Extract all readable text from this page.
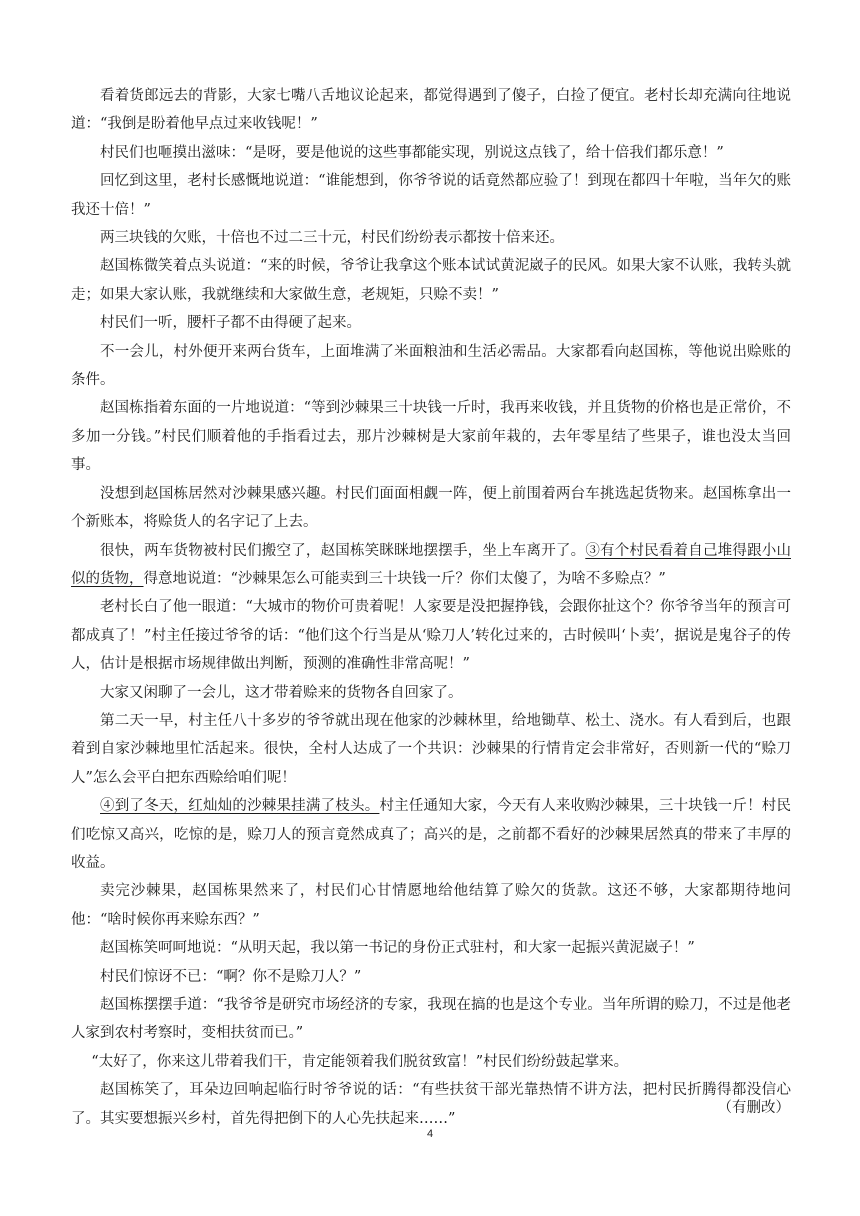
看着货郎远去的背影，大家七嘴八舌地议论起来，都觉得遇到了傻子，白捡了便宜。老村长却充满向往地说道：“我倒是盼着他早点过来收钱呢！”

村民们也咂摸出滋味：“是呀，要是他说的这些事都能实现，别说这点钱了，给十倍我们都乐意！”

回忆到这里，老村长感慨地说道：“谁能想到，你爷爷说的话竟然都应验了！到现在都四十年啦，当年欠的账我还十倍！”

两三块钱的欠账，十倍也不过二三十元，村民们纷纷表示都按十倍来还。

赵国栋微笑着点头说道：“来的时候，爷爷让我拿这个账本试试黄泥崴子的民风。如果大家不认账，我转头就走；如果大家认账，我就继续和大家做生意，老规矩，只赊不卖！”

村民们一听，腰杆子都不由得硬了起来。

不一会儿，村外便开来两台货车，上面堆满了米面粮油和生活必需品。大家都看向赵国栋，等他说出赊账的条件。

赵国栋指着东面的一片地说道：“等到沙棘果三十块钱一斤时，我再来收钱，并且货物的价格也是正常价，不多加一分钱。”村民们顺着他的手指看过去，那片沙棘树是大家前年栽的，去年零星结了些果子，谁也没太当回事。

没想到赵国栋居然对沙棘果感兴趣。村民们面面相觑一阵，便上前围着两台车挑选起货物来。赵国栋拿出一个新账本，将赊货人的名字记了上去。

很快，两车货物被村民们搬空了，赵国栋笑眯眯地摆摆手，坐上车离开了。③有个村民看着自己堆得跟小山似的货物，得意地说道：“沙棘果怎么可能卖到三十块钱一斤？你们太傻了，为啥不多赊点？”

老村长白了他一眼道：“大城市的物价可贵着呢！人家要是没把握挣钱，会跟你扯这个？你爷爷当年的预言可都成真了！”村主任接过爷爷的话：“他们这个行当是从‘赊刀人’转化过来的，古时候叫‘卜卖’，据说是鬼谷子的传人，估计是根据市场规律做出判断，预测的准确性非常高呢！”

大家又闲聊了一会儿，这才带着赊来的货物各自回家了。

第二天一早，村主任八十多岁的爷爷就出现在他家的沙棘林里，给地锄草、松土、浇水。有人看到后，也跟着到自家沙棘地里忙活起来。很快，全村人达成了一个共识：沙棘果的行情肯定会非常好，否则新一代的“赊刀人”怎么会平白把东西赊给咱们呢！

④到了冬天，红灿灿的沙棘果挂满了枝头。村主任通知大家，今天有人来收购沙棘果，三十块钱一斤！村民们吃惊又高兴，吃惊的是，赊刀人的预言竟然成真了；高兴的是，之前都不看好的沙棘果居然真的带来了丰厚的收益。

卖完沙棘果，赵国栋果然来了，村民们心甘情愿地给他结算了赊欠的货款。这还不够，大家都期待地问他：“啥时候你再来赊东西？”

赵国栋笑呵呵地说：“从明天起，我以第一书记的身份正式驻村，和大家一起振兴黄泥崴子！”

村民们惊讶不已：“啊？你不是赊刀人？”

赵国栋摆摆手道：“我爷爷是研究市场经济的专家，我现在搞的也是这个专业。当年所谓的赊刀，不过是他老人家到农村考察时，变相扶贫而已。”

“太好了，你来这儿带着我们干，肯定能领着我们脱贫致富！”村民们纷纷鼓起掌来。

赵国栋笑了，耳朵边回响起临行时爷爷说的话：“有些扶贫干部光靠热情不讲方法，把村民折腾得都没信心了。其实要想振兴乡村，首先得把倒下的人心先扶起来……”

（有删改）
4
